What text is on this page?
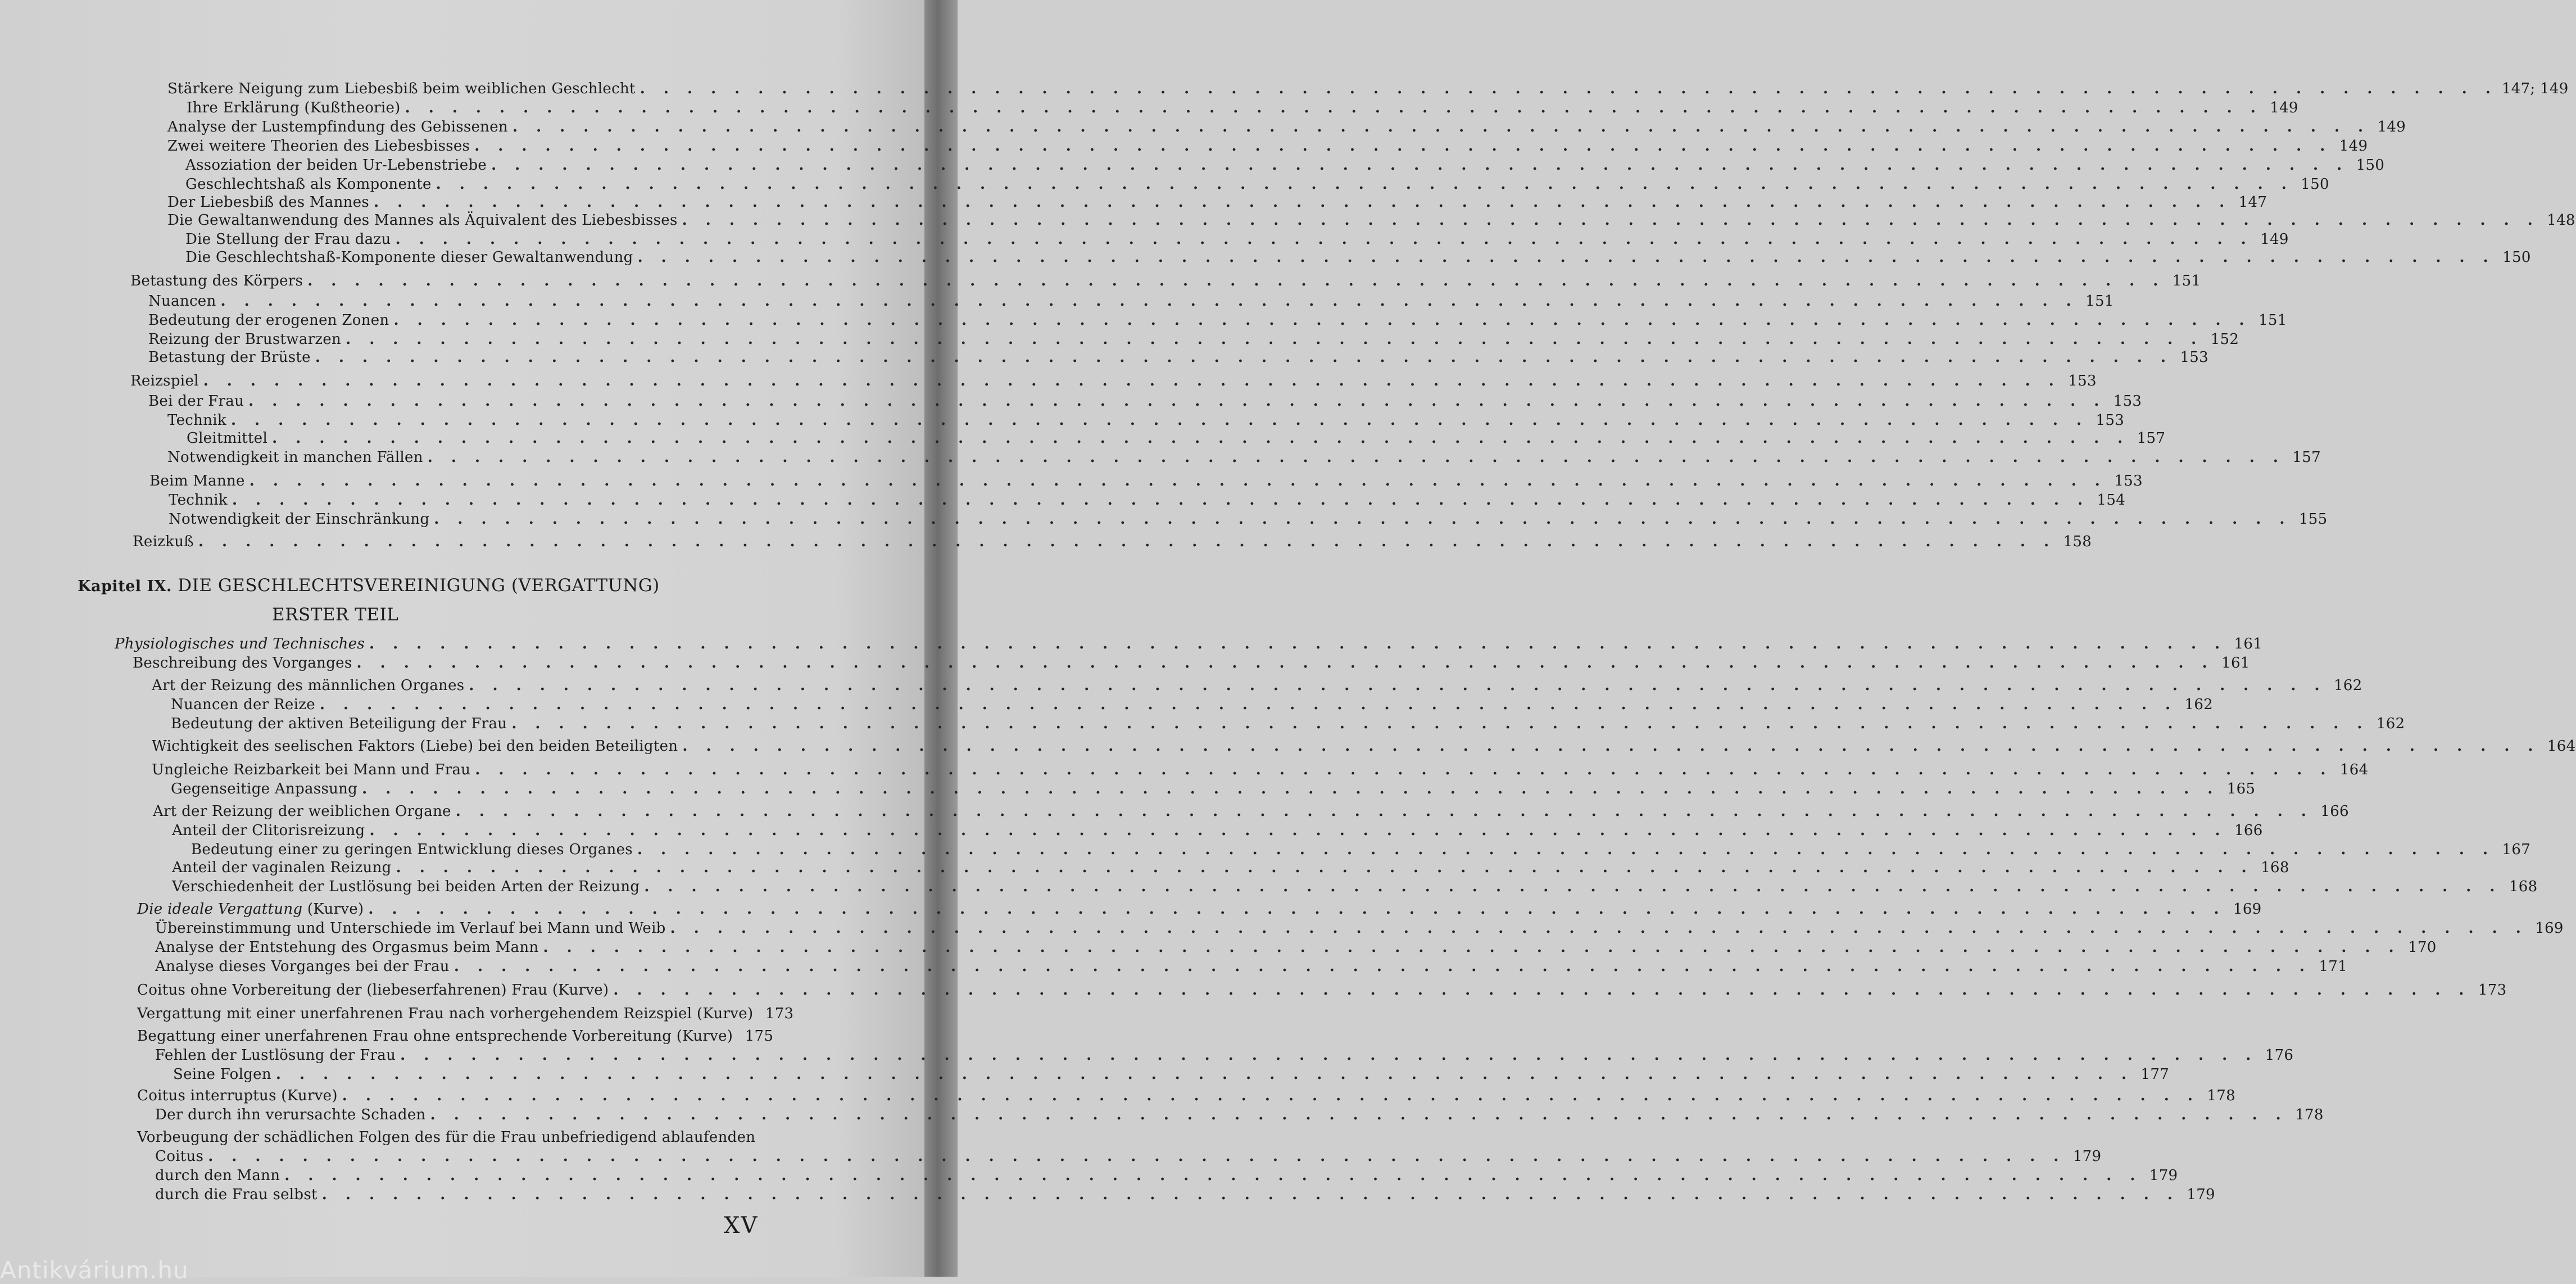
Stärkere Neigung zum Liebesbiß beim weiblichen Geschlecht . . . . . . . . . . . . . . . . . . . . . . . . . . . . . . . . . . . . . . . . . . . . . . . . . . . . . . . . . . . . . . . . . . . . . . . . . . . . . . . 147; 149
Ihre Erklärung (Kußtheorie) . . . . . . . . . . . . . . . . . . . . . . . . . . . . . . . . . . . . . . . . . . . . . . . . . . . . . . . . . . . . . . . . . . . . . . . . . . . . . . . 149
Analyse der Lustempfindung des Gebissenen . . . . . . . . . . . . . . . . . . . . . . . . . . . . . . . . . . . . . . . . . . . . . . . . . . . . . . . . . . . . . . . . . . . . . . . . . . . . . . . 149
Zwei weitere Theorien des Liebesbisses . . . . . . . . . . . . . . . . . . . . . . . . . . . . . . . . . . . . . . . . . . . . . . . . . . . . . . . . . . . . . . . . . . . . . . . . . . . . . . . 149
Assoziation der beiden Ur-Lebenstriebe . . . . . . . . . . . . . . . . . . . . . . . . . . . . . . . . . . . . . . . . . . . . . . . . . . . . . . . . . . . . . . . . . . . . . . . . . . . . . . . 150
Geschlechtshaß als Komponente . . . . . . . . . . . . . . . . . . . . . . . . . . . . . . . . . . . . . . . . . . . . . . . . . . . . . . . . . . . . . . . . . . . . . . . . . . . . . . . 150
Der Liebesbiß des Mannes . . . . . . . . . . . . . . . . . . . . . . . . . . . . . . . . . . . . . . . . . . . . . . . . . . . . . . . . . . . . . . . . . . . . . . . . . . . . . . . 147
Die Gewaltanwendung des Mannes als Äquivalent des Liebesbisses . . . . . . . . . . . . . . . . . . . . . . . . . . . . . . . . . . . . . . . . . . . . . . . . . . . . . . . . . . . . . . . . . . . . . . . . . . . . . . . 148
Die Stellung der Frau dazu . . . . . . . . . . . . . . . . . . . . . . . . . . . . . . . . . . . . . . . . . . . . . . . . . . . . . . . . . . . . . . . . . . . . . . . . . . . . . . . 149
Die Geschlechtshaß-Komponente dieser Gewaltanwendung . . . . . . . . . . . . . . . . . . . . . . . . . . . . . . . . . . . . . . . . . . . . . . . . . . . . . . . . . . . . . . . . . . . . . . . . . . . . . . . 150
Betastung des Körpers . . . . . . . . . . . . . . . . . . . . . . . . . . . . . . . . . . . . . . . . . . . . . . . . . . . . . . . . . . . . . . . . . . . . . . . . . . . . . . . 151
Nuancen . . . . . . . . . . . . . . . . . . . . . . . . . . . . . . . . . . . . . . . . . . . . . . . . . . . . . . . . . . . . . . . . . . . . . . . . . . . . . . . 151
Bedeutung der erogenen Zonen . . . . . . . . . . . . . . . . . . . . . . . . . . . . . . . . . . . . . . . . . . . . . . . . . . . . . . . . . . . . . . . . . . . . . . . . . . . . . . . 151
Reizung der Brustwarzen . . . . . . . . . . . . . . . . . . . . . . . . . . . . . . . . . . . . . . . . . . . . . . . . . . . . . . . . . . . . . . . . . . . . . . . . . . . . . . . 152
Betastung der Brüste . . . . . . . . . . . . . . . . . . . . . . . . . . . . . . . . . . . . . . . . . . . . . . . . . . . . . . . . . . . . . . . . . . . . . . . . . . . . . . . 153
Reizspiel . . . . . . . . . . . . . . . . . . . . . . . . . . . . . . . . . . . . . . . . . . . . . . . . . . . . . . . . . . . . . . . . . . . . . . . . . . . . . . . 153
Bei der Frau . . . . . . . . . . . . . . . . . . . . . . . . . . . . . . . . . . . . . . . . . . . . . . . . . . . . . . . . . . . . . . . . . . . . . . . . . . . . . . . 153
Technik . . . . . . . . . . . . . . . . . . . . . . . . . . . . . . . . . . . . . . . . . . . . . . . . . . . . . . . . . . . . . . . . . . . . . . . . . . . . . . . 153
Gleitmittel . . . . . . . . . . . . . . . . . . . . . . . . . . . . . . . . . . . . . . . . . . . . . . . . . . . . . . . . . . . . . . . . . . . . . . . . . . . . . . . 157
Notwendigkeit in manchen Fällen . . . . . . . . . . . . . . . . . . . . . . . . . . . . . . . . . . . . . . . . . . . . . . . . . . . . . . . . . . . . . . . . . . . . . . . . . . . . . . . 157
Beim Manne . . . . . . . . . . . . . . . . . . . . . . . . . . . . . . . . . . . . . . . . . . . . . . . . . . . . . . . . . . . . . . . . . . . . . . . . . . . . . . . 153
Technik . . . . . . . . . . . . . . . . . . . . . . . . . . . . . . . . . . . . . . . . . . . . . . . . . . . . . . . . . . . . . . . . . . . . . . . . . . . . . . . 154
Notwendigkeit der Einschränkung . . . . . . . . . . . . . . . . . . . . . . . . . . . . . . . . . . . . . . . . . . . . . . . . . . . . . . . . . . . . . . . . . . . . . . . . . . . . . . . 155
Reizkuß . . . . . . . . . . . . . . . . . . . . . . . . . . . . . . . . . . . . . . . . . . . . . . . . . . . . . . . . . . . . . . . . . . . . . . . . . . . . . . . 158
Kapitel IX. DIE GESCHLECHTSVEREINIGUNG (VERGATTUNG)
ERSTER TEIL
Physiologisches und Technisches . . . . . . . . . . . . . . . . . . . . . . . . . . . . . . . . . . . . . . . . . . . . . . . . . . . . . . . . . . . . . . . . . . . . . . . . . . . . . . . 161
Beschreibung des Vorganges . . . . . . . . . . . . . . . . . . . . . . . . . . . . . . . . . . . . . . . . . . . . . . . . . . . . . . . . . . . . . . . . . . . . . . . . . . . . . . . 161
Art der Reizung des männlichen Organes . . . . . . . . . . . . . . . . . . . . . . . . . . . . . . . . . . . . . . . . . . . . . . . . . . . . . . . . . . . . . . . . . . . . . . . . . . . . . . . 162
Nuancen der Reize . . . . . . . . . . . . . . . . . . . . . . . . . . . . . . . . . . . . . . . . . . . . . . . . . . . . . . . . . . . . . . . . . . . . . . . . . . . . . . . 162
Bedeutung der aktiven Beteiligung der Frau . . . . . . . . . . . . . . . . . . . . . . . . . . . . . . . . . . . . . . . . . . . . . . . . . . . . . . . . . . . . . . . . . . . . . . . . . . . . . . . 162
Wichtigkeit des seelischen Faktors (Liebe) bei den beiden Beteiligten . . . . . . . . . . . . . . . . . . . . . . . . . . . . . . . . . . . . . . . . . . . . . . . . . . . . . . . . . . . . . . . . . . . . . . . . . . . . . . . 164
Ungleiche Reizbarkeit bei Mann und Frau . . . . . . . . . . . . . . . . . . . . . . . . . . . . . . . . . . . . . . . . . . . . . . . . . . . . . . . . . . . . . . . . . . . . . . . . . . . . . . . 164
Gegenseitige Anpassung . . . . . . . . . . . . . . . . . . . . . . . . . . . . . . . . . . . . . . . . . . . . . . . . . . . . . . . . . . . . . . . . . . . . . . . . . . . . . . . 165
Art der Reizung der weiblichen Organe . . . . . . . . . . . . . . . . . . . . . . . . . . . . . . . . . . . . . . . . . . . . . . . . . . . . . . . . . . . . . . . . . . . . . . . . . . . . . . . 166
Anteil der Clitorisreizung . . . . . . . . . . . . . . . . . . . . . . . . . . . . . . . . . . . . . . . . . . . . . . . . . . . . . . . . . . . . . . . . . . . . . . . . . . . . . . . 166
Bedeutung einer zu geringen Entwicklung dieses Organes . . . . . . . . . . . . . . . . . . . . . . . . . . . . . . . . . . . . . . . . . . . . . . . . . . . . . . . . . . . . . . . . . . . . . . . . . . . . . . . 167
Anteil der vaginalen Reizung . . . . . . . . . . . . . . . . . . . . . . . . . . . . . . . . . . . . . . . . . . . . . . . . . . . . . . . . . . . . . . . . . . . . . . . . . . . . . . . 168
Verschiedenheit der Lustlösung bei beiden Arten der Reizung . . . . . . . . . . . . . . . . . . . . . . . . . . . . . . . . . . . . . . . . . . . . . . . . . . . . . . . . . . . . . . . . . . . . . . . . . . . . . . . 168
Die ideale Vergattung (Kurve) . . . . . . . . . . . . . . . . . . . . . . . . . . . . . . . . . . . . . . . . . . . . . . . . . . . . . . . . . . . . . . . . . . . . . . . . . . . . . . . 169
Übereinstimmung und Unterschiede im Verlauf bei Mann und Weib . . . . . . . . . . . . . . . . . . . . . . . . . . . . . . . . . . . . . . . . . . . . . . . . . . . . . . . . . . . . . . . . . . . . . . . . . . . . . . . 169
Analyse der Entstehung des Orgasmus beim Mann . . . . . . . . . . . . . . . . . . . . . . . . . . . . . . . . . . . . . . . . . . . . . . . . . . . . . . . . . . . . . . . . . . . . . . . . . . . . . . . 170
Analyse dieses Vorganges bei der Frau . . . . . . . . . . . . . . . . . . . . . . . . . . . . . . . . . . . . . . . . . . . . . . . . . . . . . . . . . . . . . . . . . . . . . . . . . . . . . . . 171
Coitus ohne Vorbereitung der (liebeserfahrenen) Frau (Kurve) . . . . . . . . . . . . . . . . . . . . . . . . . . . . . . . . . . . . . . . . . . . . . . . . . . . . . . . . . . . . . . . . . . . . . . . . . . . . . . . 173
Vergattung mit einer unerfahrenen Frau nach vorhergehendem Reizspiel (Kurve) 173
Begattung einer unerfahrenen Frau ohne entsprechende Vorbereitung (Kurve) 175
Fehlen der Lustlösung der Frau . . . . . . . . . . . . . . . . . . . . . . . . . . . . . . . . . . . . . . . . . . . . . . . . . . . . . . . . . . . . . . . . . . . . . . . . . . . . . . . 176
Seine Folgen . . . . . . . . . . . . . . . . . . . . . . . . . . . . . . . . . . . . . . . . . . . . . . . . . . . . . . . . . . . . . . . . . . . . . . . . . . . . . . . 177
Coitus interruptus (Kurve) . . . . . . . . . . . . . . . . . . . . . . . . . . . . . . . . . . . . . . . . . . . . . . . . . . . . . . . . . . . . . . . . . . . . . . . . . . . . . . . 178
Der durch ihn verursachte Schaden . . . . . . . . . . . . . . . . . . . . . . . . . . . . . . . . . . . . . . . . . . . . . . . . . . . . . . . . . . . . . . . . . . . . . . . . . . . . . . . 178
Vorbeugung der schädlichen Folgen des für die Frau unbefriedigend ablaufenden
Coitus . . . . . . . . . . . . . . . . . . . . . . . . . . . . . . . . . . . . . . . . . . . . . . . . . . . . . . . . . . . . . . . . . . . . . . . . . . . . . . . 179
durch den Mann . . . . . . . . . . . . . . . . . . . . . . . . . . . . . . . . . . . . . . . . . . . . . . . . . . . . . . . . . . . . . . . . . . . . . . . . . . . . . . . 179
durch die Frau selbst . . . . . . . . . . . . . . . . . . . . . . . . . . . . . . . . . . . . . . . . . . . . . . . . . . . . . . . . . . . . . . . . . . . . . . . . . . . . . . . 179
XV
Antikvárium.hu
